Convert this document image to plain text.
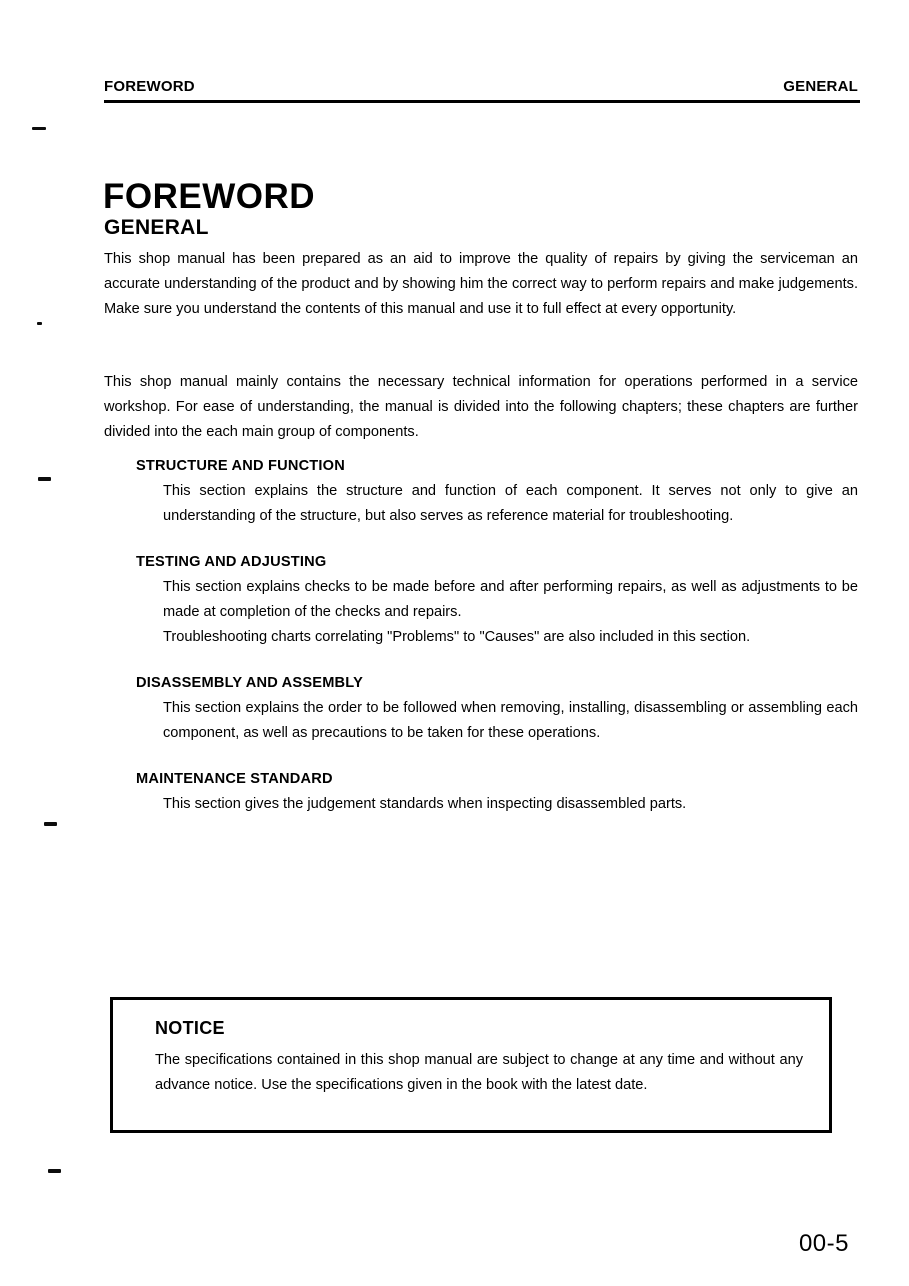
FOREWORD	GENERAL
FOREWORD
GENERAL

This shop manual has been prepared as an aid to improve the quality of repairs by giving the serviceman an accurate understanding of the product and by showing him the correct way to perform repairs and make judgements. Make sure you understand the contents of this manual and use it to full effect at every opportunity.

This shop manual mainly contains the necessary technical information for operations performed in a service workshop. For ease of understanding, the manual is divided into the following chapters; these chapters are further divided into the each main group of components.

STRUCTURE AND FUNCTION

This section explains the structure and function of each component. It serves not only to give an understanding of the structure, but also serves as reference material for troubleshooting.

TESTING AND ADJUSTING

This section explains checks to be made before and after performing repairs, as well as adjustments to be made at completion of the checks and repairs.

Troubleshooting charts correlating "Problems" to "Causes" are also included in this section.

DISASSEMBLY AND ASSEMBLY

This section explains the order to be followed when removing, installing, disassembling or assembling each component, as well as precautions to be taken for these operations.

MAINTENANCE STANDARD

This section gives the judgement standards when inspecting disassembled parts.

NOTICE
The specifications contained in this shop manual are subject to change at any time and without any advance notice. Use the specifications given in the book with the latest date.
00-5
